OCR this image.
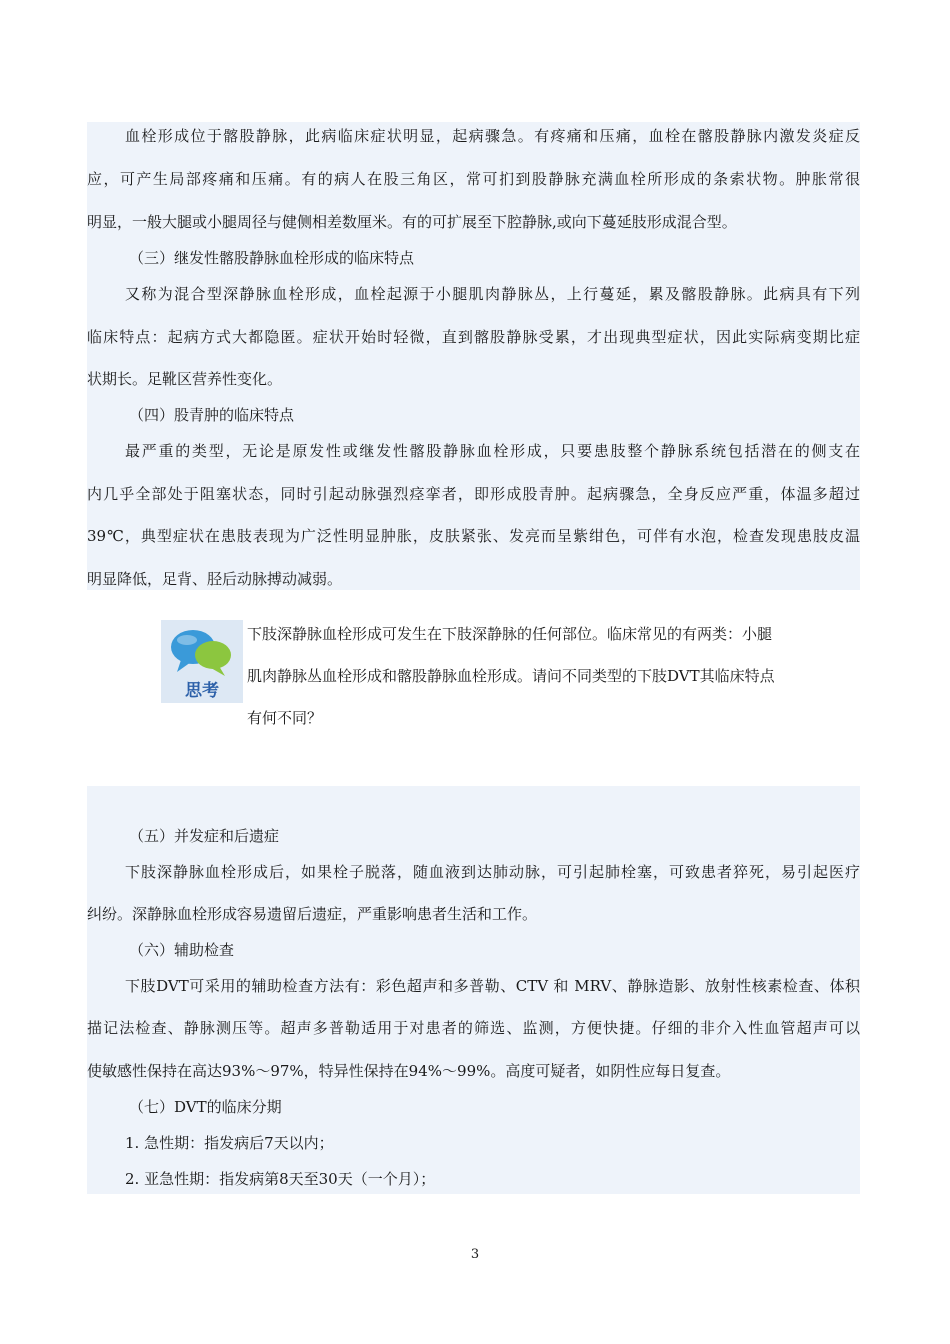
血栓形成位于髂股静脉，此病临床症状明显，起病骤急。有疼痛和压痛，血栓在髂股静脉内激发炎症反
应，可产生局部疼痛和压痛。有的病人在股三角区，常可扪到股静脉充满血栓所形成的条索状物。肿胀常很
明显，一般大腿或小腿周径与健侧相差数厘米。有的可扩展至下腔静脉,或向下蔓延肢形成混合型。
（三）继发性髂股静脉血栓形成的临床特点
又称为混合型深静脉血栓形成，血栓起源于小腿肌肉静脉丛，上行蔓延，累及髂股静脉。此病具有下列
临床特点：起病方式大都隐匿。症状开始时轻微，直到髂股静脉受累，才出现典型症状，因此实际病变期比症
状期长。足靴区营养性变化。
（四）股青肿的临床特点
最严重的类型，无论是原发性或继发性髂股静脉血栓形成，只要患肢整个静脉系统包括潜在的侧支在
内几乎全部处于阻塞状态，同时引起动脉强烈痉挛者，即形成股青肿。起病骤急，全身反应严重，体温多超过
39℃，典型症状在患肢表现为广泛性明显肿胀，皮肤紧张、发亮而呈紫绀色，可伴有水泡，检查发现患肢皮温
明显降低，足背、胫后动脉搏动减弱。
思考
下肢深静脉血栓形成可发生在下肢深静脉的任何部位。临床常见的有两类：小腿
肌肉静脉丛血栓形成和髂股静脉血栓形成。请问不同类型的下肢DVT其临床特点
有何不同？
（五）并发症和后遗症
下肢深静脉血栓形成后，如果栓子脱落，随血液到达肺动脉，可引起肺栓塞，可致患者猝死，易引起医疗
纠纷。深静脉血栓形成容易遗留后遗症，严重影响患者生活和工作。
（六）辅助检查
下肢DVT可采用的辅助检查方法有：彩色超声和多普勒、CTV 和 MRV、静脉造影、放射性核素检查、体积
描记法检查、静脉测压等。超声多普勒适用于对患者的筛选、监测，方便快捷。仔细的非介入性血管超声可以
使敏感性保持在高达93%～97%，特异性保持在94%～99%。高度可疑者，如阴性应每日复查。
（七）DVT的临床分期
1. 急性期：指发病后7天以内；
2. 亚急性期：指发病第8天至30天（一个月）；
3
